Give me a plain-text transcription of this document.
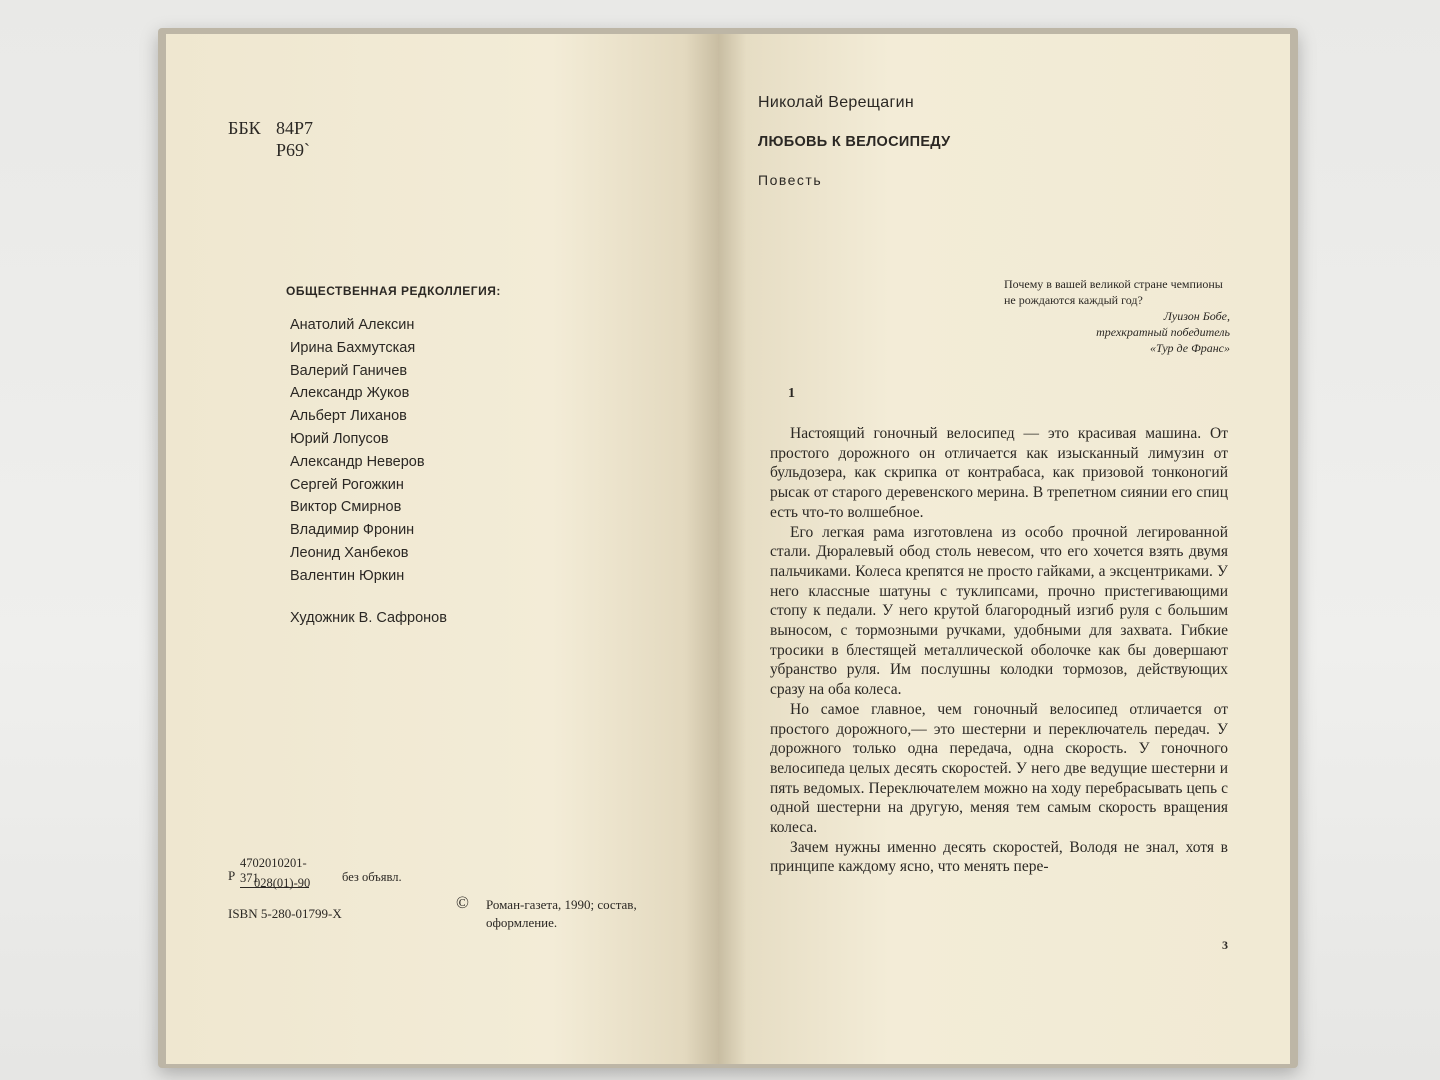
ББК 84Р7
Р69`
ОБЩЕСТВЕННАЯ РЕДКОЛЛЕГИЯ:
Анатолий Алексин
Ирина Бахмутская
Валерий Ганичев
Александр Жуков
Альберт Лиханов
Юрий Лопусов
Александр Неверов
Сергей Рогожкин
Виктор Смирнов
Владимир Фронин
Леонид Ханбеков
Валентин Юркин
Художник В. Сафронов
Р
4702010201-371
028(01)-90	без объявл.
ISBN 5-280-01799-X
© Роман-газета, 1990; состав, оформление.
Николай Верещагин
ЛЮБОВЬ К ВЕЛОСИПЕДУ
Повесть
Почему в вашей великой стране чемпионы не рождаются каждый год?
Луизон Бобе,
трехкратный победитель
«Тур де Франс»
1

Настоящий гоночный велосипед — это красивая машина. От простого дорожного он отличается как изысканный лимузин от бульдозера, как скрипка от контрабаса, как призовой тонконогий рысак от старого деревенского мерина. В трепетном сиянии его спиц есть что-то волшебное.

Его легкая рама изготовлена из особо прочной легированной стали. Дюралевый обод столь невесом, что его хочется взять двумя пальчиками. Колеса крепятся не просто гайками, а эксцентриками. У него классные шатуны с туклипсами, прочно пристегивающими стопу к педали. У него крутой благородный изгиб руля с большим выносом, с тормозными ручками, удобными для захвата. Гибкие тросики в блестящей металлической оболочке как бы довершают убранство руля. Им послушны колодки тормозов, действующих сразу на оба колеса.

Но самое главное, чем гоночный велосипед отличается от простого дорожного,— это шестерни и переключатель передач. У дорожного только одна передача, одна скорость. У гоночного велосипеда целых десять скоростей. У него две ведущие шестерни и пять ведомых. Переключателем можно на ходу перебрасывать цепь с одной шестерни на другую, меняя тем самым скорость вращения колеса.

Зачем нужны именно десять скоростей, Володя не знал, хотя в принципе каждому ясно, что менять пере-

3
